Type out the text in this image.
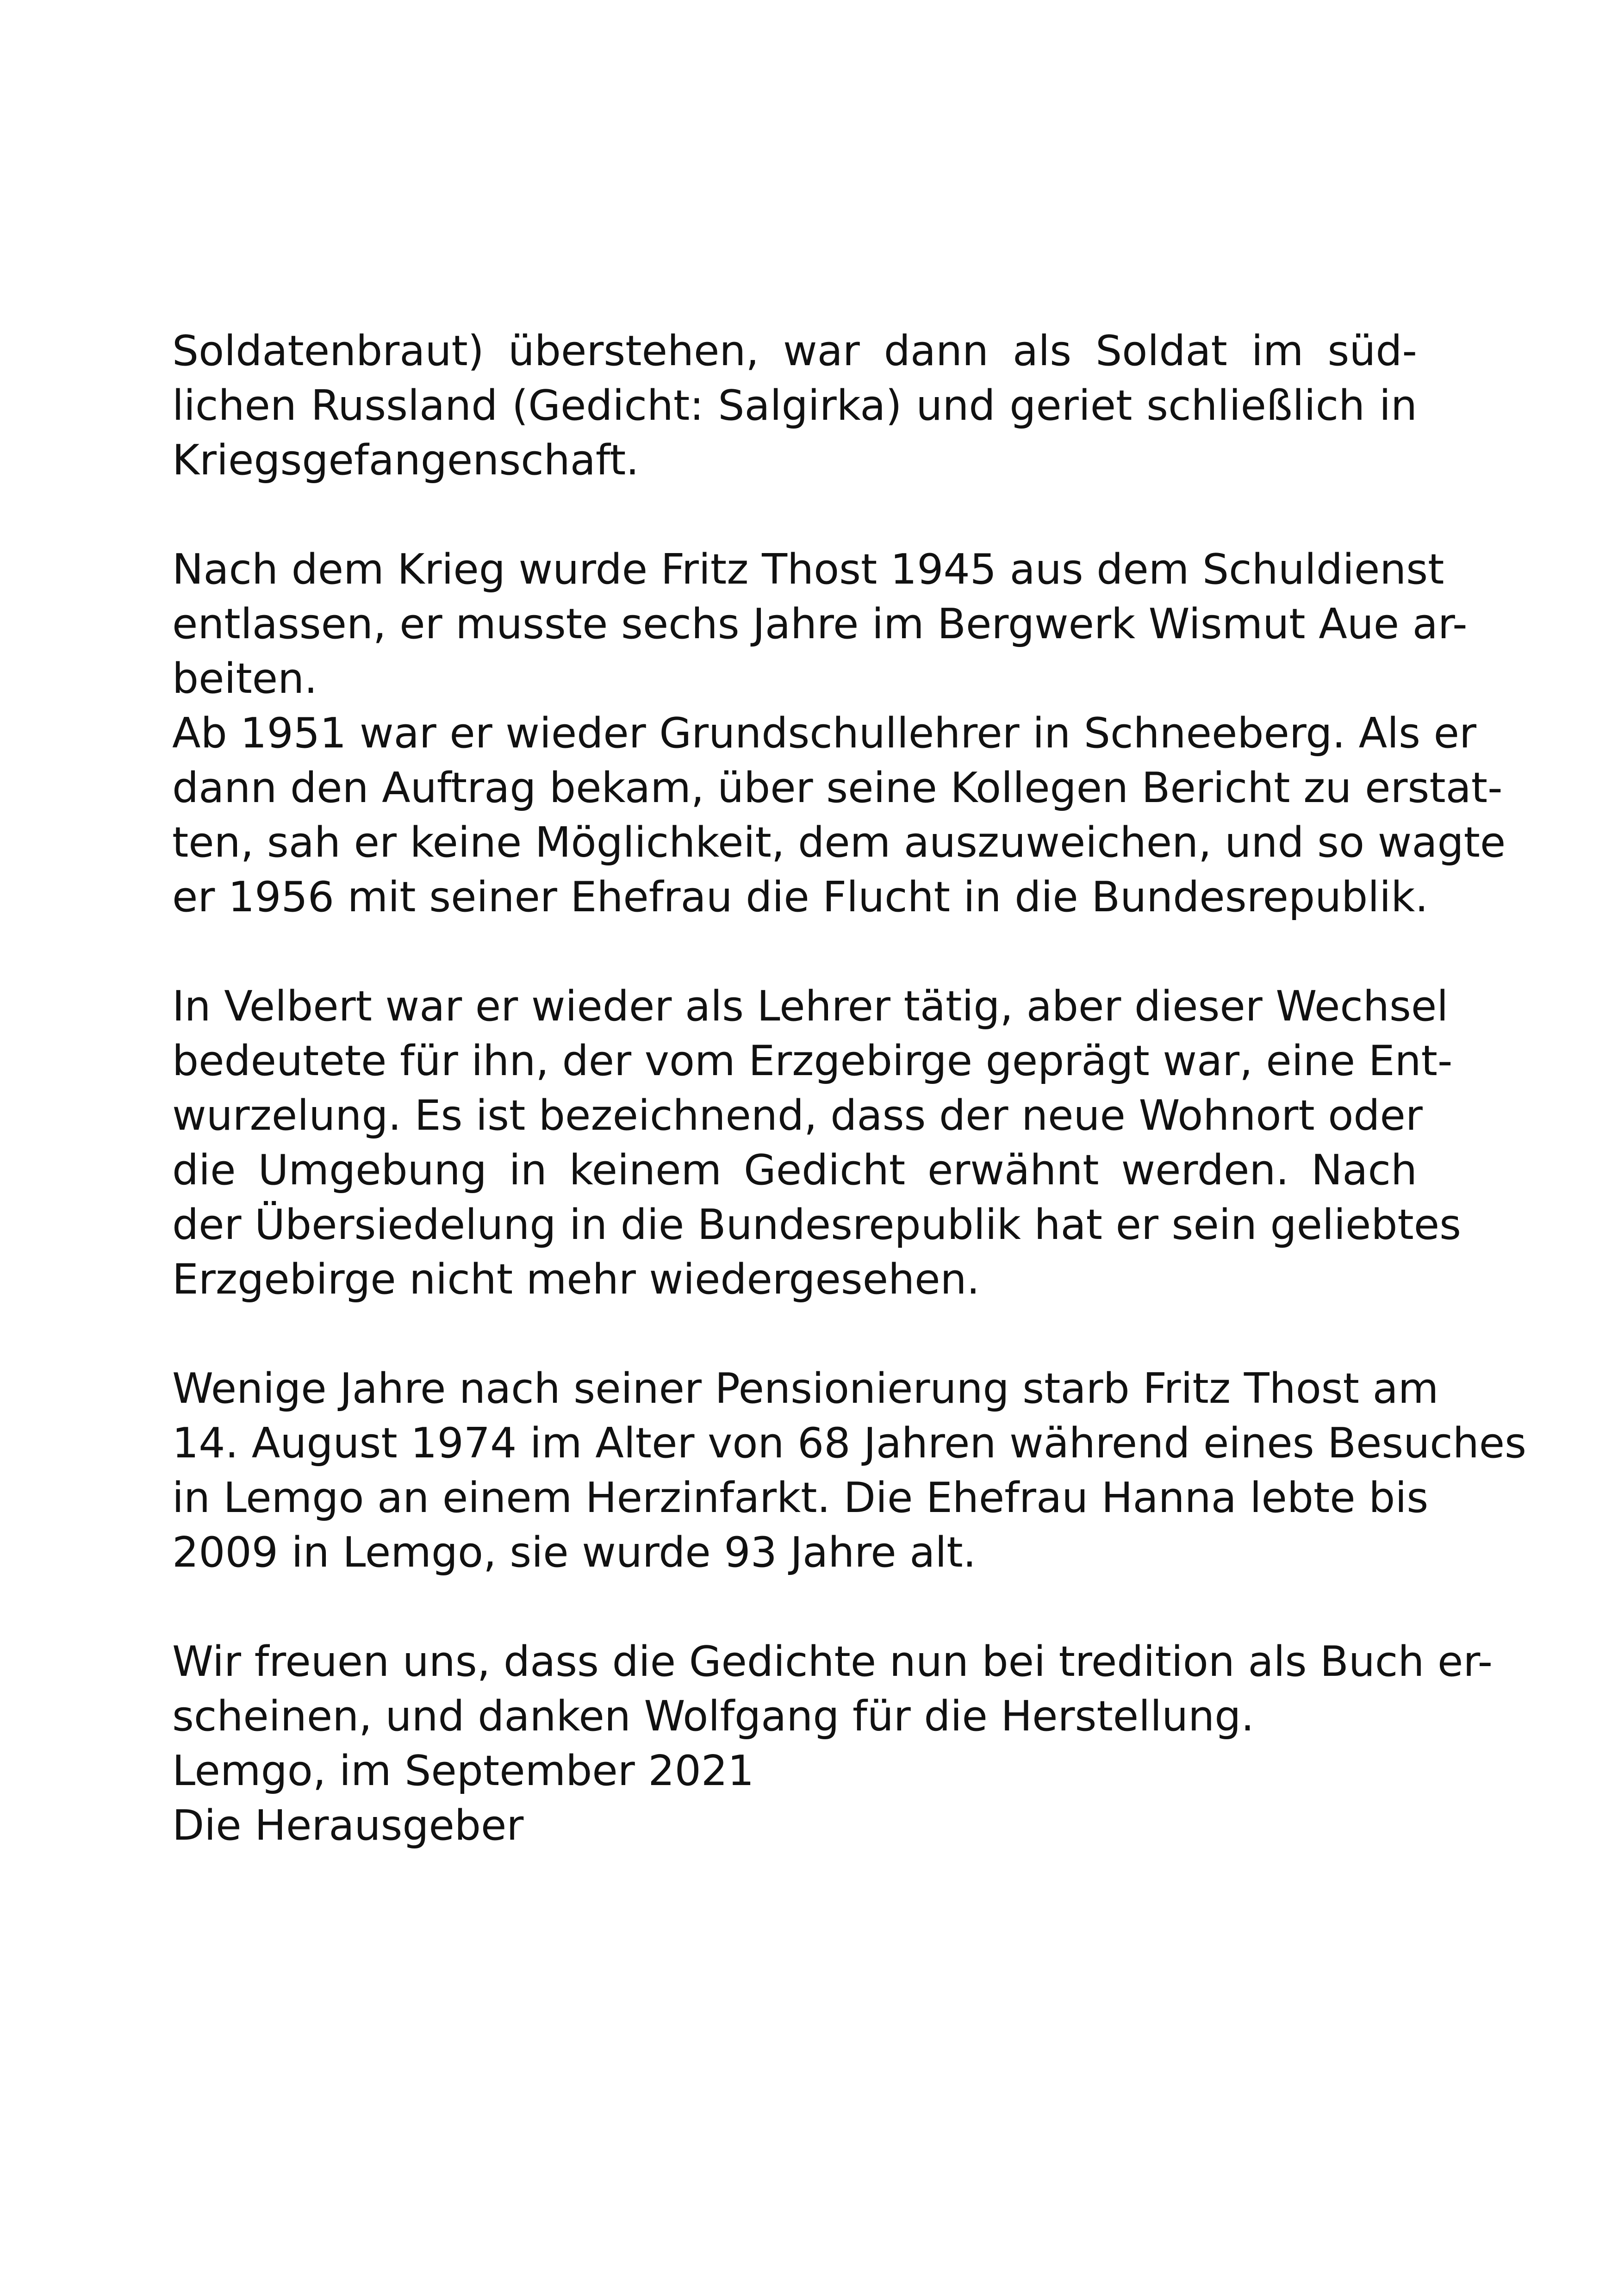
Soldatenbraut) überstehen, war dann als Soldat im süd-
lichen Russland (Gedicht: Salgirka) und geriet schließlich in
Kriegsgefangenschaft.
Nach dem Krieg wurde Fritz Thost 1945 aus dem Schuldienst
entlassen, er musste sechs Jahre im Bergwerk Wismut Aue ar-
beiten.
Ab 1951 war er wieder Grundschullehrer in Schneeberg. Als er
dann den Auftrag bekam, über seine Kollegen Bericht zu erstat-
ten, sah er keine Möglichkeit, dem auszuweichen, und so wagte
er 1956 mit seiner Ehefrau die Flucht in die Bundesrepublik.
In Velbert war er wieder als Lehrer tätig, aber dieser Wechsel
bedeutete für ihn, der vom Erzgebirge geprägt war, eine Ent-
wurzelung. Es ist bezeichnend, dass der neue Wohnort oder
die Umgebung in keinem Gedicht erwähnt werden. Nach
der Übersiedelung in die Bundesrepublik hat er sein geliebtes
Erzgebirge nicht mehr wiedergesehen.
Wenige Jahre nach seiner Pensionierung starb Fritz Thost am
14. August 1974 im Alter von 68 Jahren während eines Besuches
in Lemgo an einem Herzinfarkt. Die Ehefrau Hanna lebte bis
2009 in Lemgo, sie wurde 93 Jahre alt.
Wir freuen uns, dass die Gedichte nun bei tredition als Buch er-
scheinen, und danken Wolfgang für die Herstellung.
Lemgo, im September 2021
Die Herausgeber
